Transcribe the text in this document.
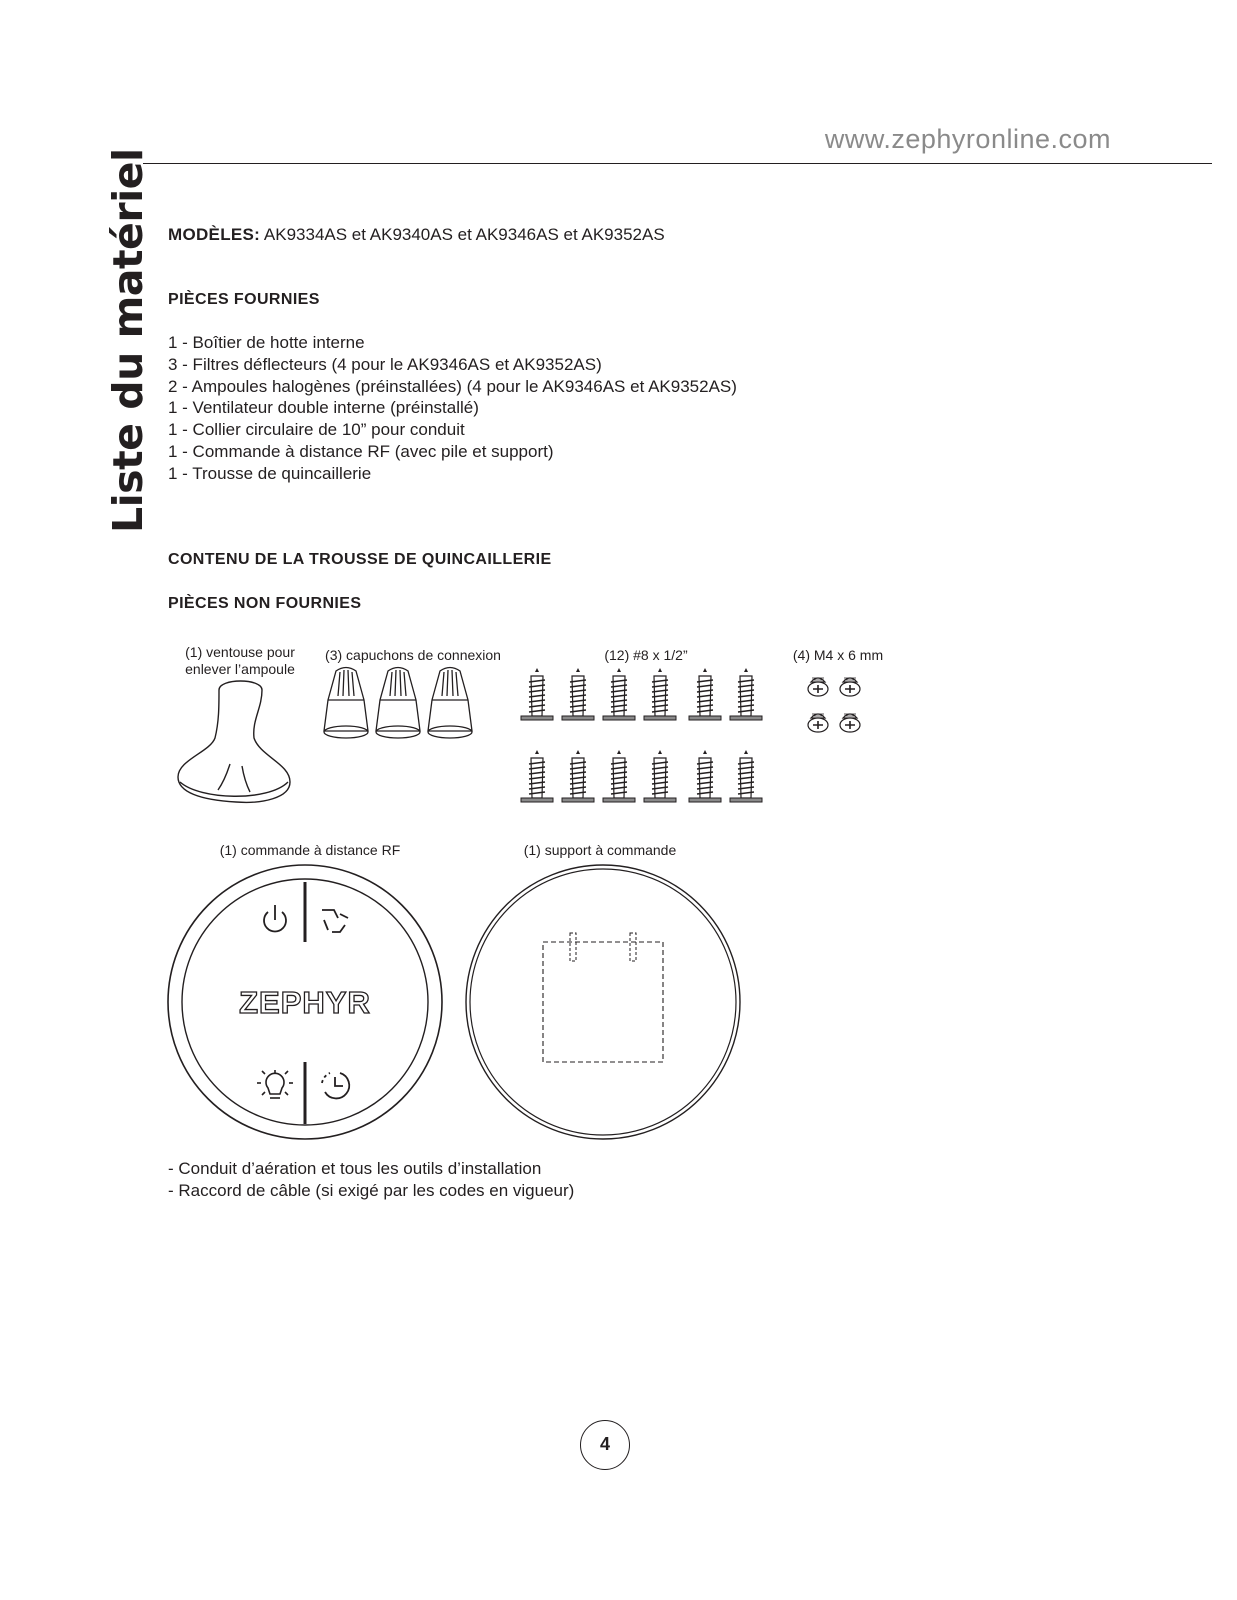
www.zephyronline.com
Liste du matériel MODÈLES: AK9334AS et AK9340AS et AK9346AS et AK9352AS
PIÈCES FOURNIES
1 - Boîtier de hotte interne
3 - Filtres déflecteurs (4 pour le AK9346AS et AK9352AS)
2 - Ampoules halogènes (préinstallées) (4 pour le AK9346AS et AK9352AS)
1 - Ventilateur double interne (préinstallé)
1 - Collier circulaire de 10” pour conduit
1 - Commande à distance RF (avec pile et support)
1 - Trousse de quincaillerie
CONTENU DE LA TROUSSE DE QUINCAILLERIE
PIÈCES NON FOURNIES
(1) ventouse pour
enlever l’ampoule
(3) capuchons de connexion	(12) #8 x 1/2”	(4) M4 x 6 mm
(1) commande à distance RF	(1) support à commande
ZEPHYR
- Conduit d’aération et tous les outils d’installation
- Raccord de câble (si exigé par les codes en vigueur)
4
